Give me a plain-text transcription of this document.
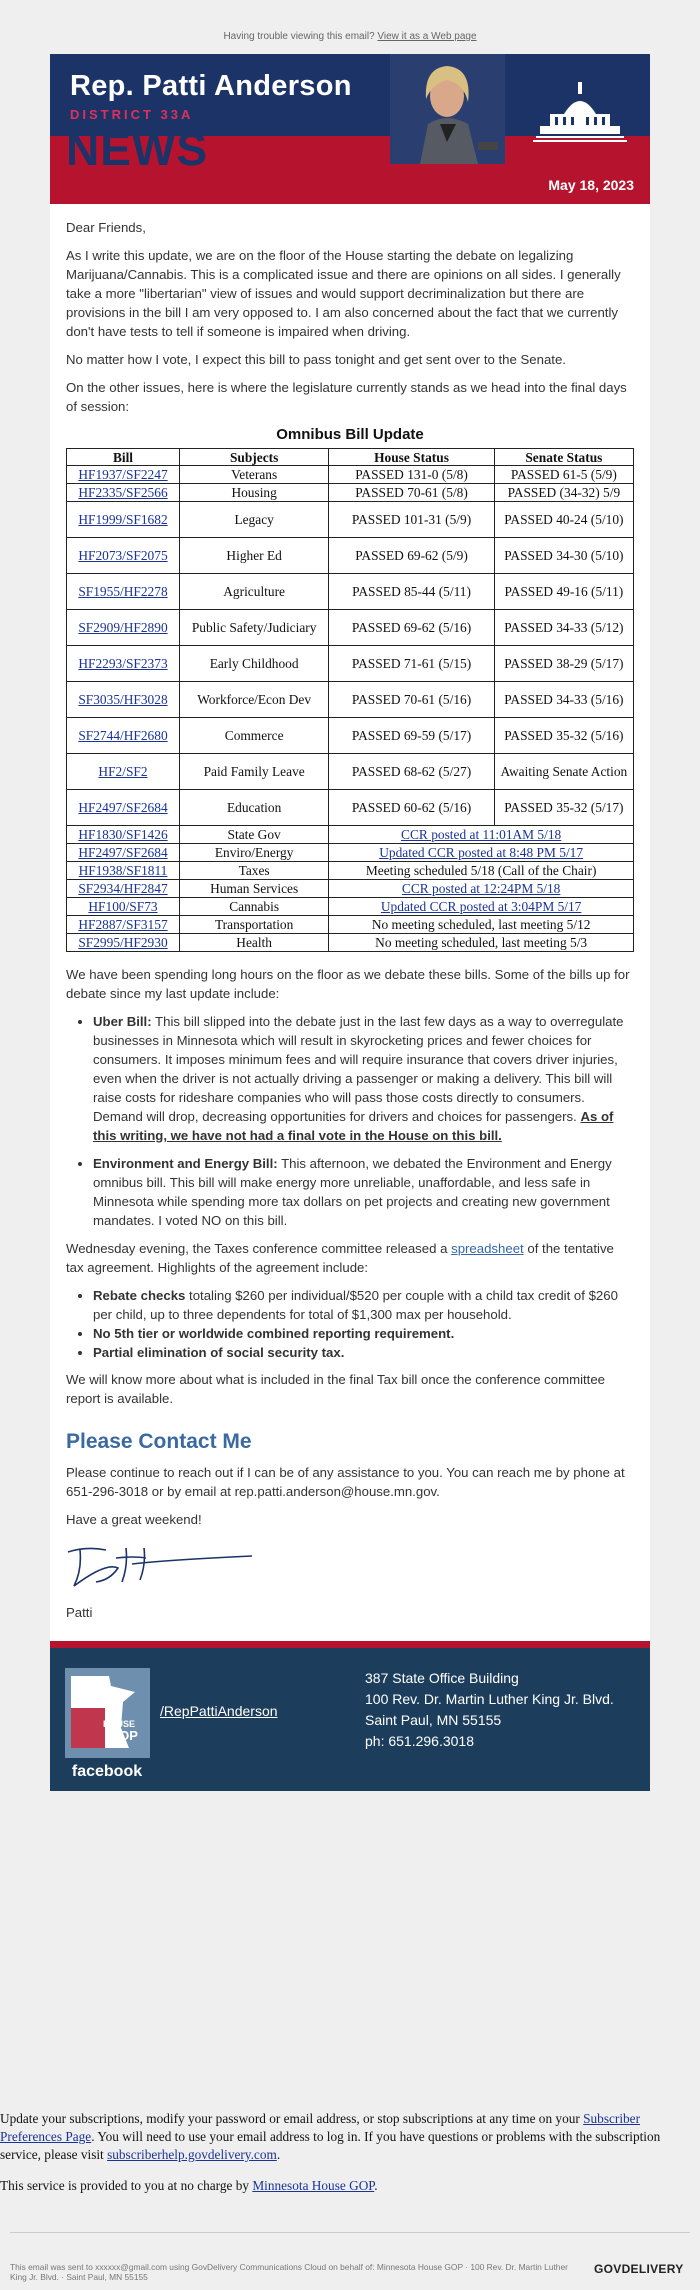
Having trouble viewing this email? View it as a Web page
Rep. Patti Anderson
DISTRICT 33A
NEWS
May 18, 2023

Dear Friends,

As I write this update, we are on the floor of the House starting the debate on legalizing Marijuana/Cannabis. This is a complicated issue and there are opinions on all sides. I generally take a more "libertarian" view of issues and would support decriminalization but there are provisions in the bill I am very opposed to. I am also concerned about the fact that we currently don't have tests to tell if someone is impaired when driving.

No matter how I vote, I expect this bill to pass tonight and get sent over to the Senate.

On the other issues, here is where the legislature currently stands as we head into the final days of session:

Omnibus Bill Update
Bill	Subjects	House Status	Senate Status
HF1937/SF2247	Veterans	PASSED 131-0 (5/8)	PASSED 61-5 (5/9)
HF2335/SF2566	Housing	PASSED 70-61 (5/8)	PASSED (34-32) 5/9
HF1999/SF1682	Legacy	PASSED 101-31 (5/9)	PASSED 40-24 (5/10)
HF2073/SF2075	Higher Ed	PASSED 69-62 (5/9)	PASSED 34-30 (5/10)
SF1955/HF2278	Agriculture	PASSED 85-44 (5/11)	PASSED 49-16 (5/11)
SF2909/HF2890	Public Safety/Judiciary	PASSED 69-62 (5/16)	PASSED 34-33 (5/12)
HF2293/SF2373	Early Childhood	PASSED 71-61 (5/15)	PASSED 38-29 (5/17)
SF3035/HF3028	Workforce/Econ Dev	PASSED 70-61 (5/16)	PASSED 34-33 (5/16)
SF2744/HF2680	Commerce	PASSED 69-59 (5/17)	PASSED 35-32 (5/16)
HF2/SF2	Paid Family Leave	PASSED 68-62 (5/27)	Awaiting Senate Action
HF2497/SF2684	Education	PASSED 60-62 (5/16)	PASSED 35-32 (5/17)
HF1830/SF1426	State Gov	CCR posted at 11:01AM 5/18	
HF2497/SF2684	Enviro/Energy	Updated CCR posted at 8:48 PM 5/17	
HF1938/SF1811	Taxes	Meeting scheduled 5/18 (Call of the Chair)	
SF2934/HF2847	Human Services	CCR posted at 12:24PM 5/18	
HF100/SF73	Cannabis	Updated CCR posted at 3:04PM 5/17	
HF2887/SF3157	Transportation	No meeting scheduled, last meeting 5/12	
SF2995/HF2930	Health	No meeting scheduled, last meeting 5/3	

We have been spending long hours on the floor as we debate these bills. Some of the bills up for debate since my last update include:

• Uber Bill: This bill slipped into the debate just in the last few days as a way to overregulate businesses in Minnesota which will result in skyrocketing prices and fewer choices for consumers. It imposes minimum fees and will require insurance that covers driver injuries, even when the driver is not actually driving a passenger or making a delivery. This bill will raise costs for rideshare companies who will pass those costs directly to consumers. Demand will drop, decreasing opportunities for drivers and choices for passengers. As of this writing, we have not had a final vote in the House on this bill.
• Environment and Energy Bill: This afternoon, we debated the Environment and Energy omnibus bill. This bill will make energy more unreliable, unaffordable, and less safe in Minnesota while spending more tax dollars on pet projects and creating new government mandates. I voted NO on this bill.

Wednesday evening, the Taxes conference committee released a spreadsheet of the tentative tax agreement. Highlights of the agreement include:

• Rebate checks totaling $260 per individual/$520 per couple with a child tax credit of $260 per child, up to three dependents for total of $1,300 max per household.
• No 5th tier or worldwide combined reporting requirement.
• Partial elimination of social security tax.

We will know more about what is included in the final Tax bill once the conference committee report is available.

Please Contact Me

Please continue to reach out if I can be of any assistance to you. You can reach me by phone at 651-296-3018 or by email at rep.patti.anderson@house.mn.gov.

Have a great weekend!

Patti

MN
HOUSE
GOP
facebook
/RepPattiAnderson
387 State Office Building
100 Rev. Dr. Martin Luther King Jr. Blvd.
Saint Paul, MN 55155
ph: 651.296.3018

Update your subscriptions, modify your password or email address, or stop subscriptions at any time on your Subscriber Preferences Page. You will need to use your email address to log in. If you have questions or problems with the subscription service, please visit subscriberhelp.govdelivery.com.

This service is provided to you at no charge by Minnesota House GOP.

This email was sent to xxxxxx@gmail.com using GovDelivery Communications Cloud on behalf of: Minnesota House GOP · 100 Rev. Dr. Martin Luther King Jr. Blvd. · Saint Paul, MN 55155
GOVDELIVERY
